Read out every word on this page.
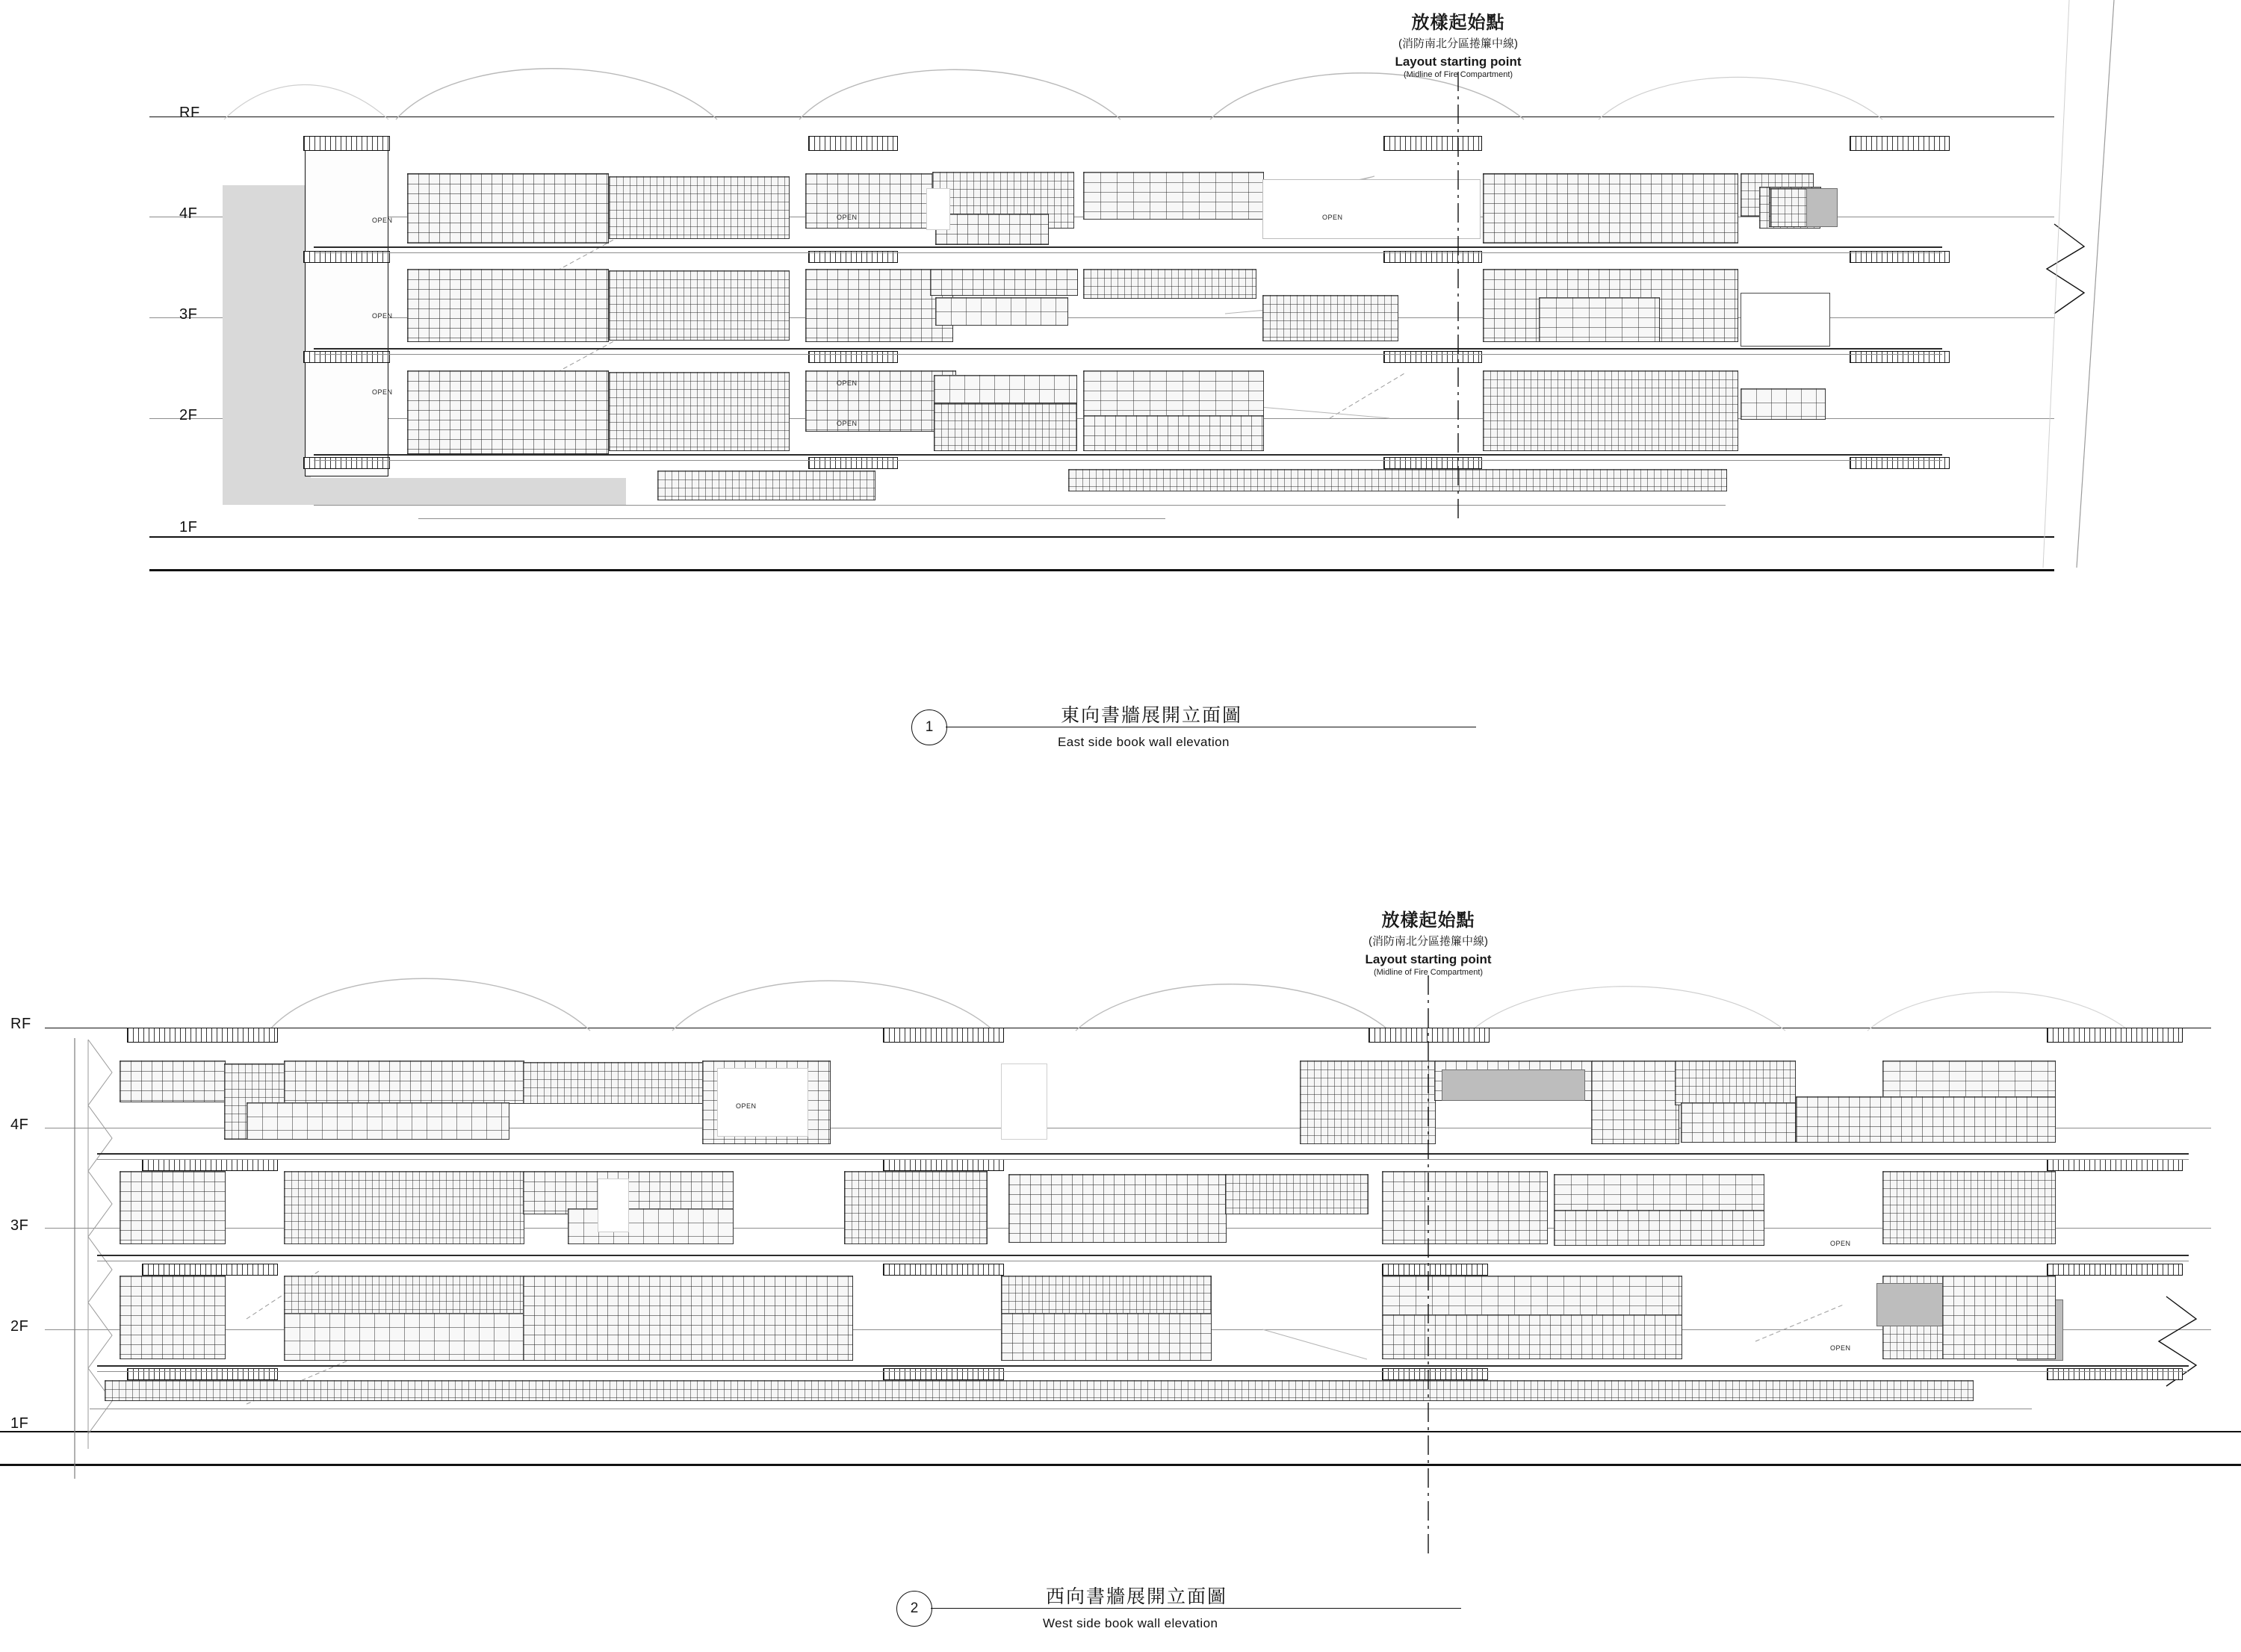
RF
4F
3F
2F
1F
OPEN
OPEN
OPEN
OPEN
OPEN
OPEN
OPEN
放樣起始點
(消防南北分區捲簾中線)
Layout starting point
(Midline of Fire Compartment)
1
東向書牆展開立面圖
East side book wall elevation
RF
4F
3F
2F
1F
OPEN
OPEN
OPEN
放樣起始點
(消防南北分區捲簾中線)
Layout starting point
(Midline of Fire Compartment)
2
西向書牆展開立面圖
West side book wall elevation
